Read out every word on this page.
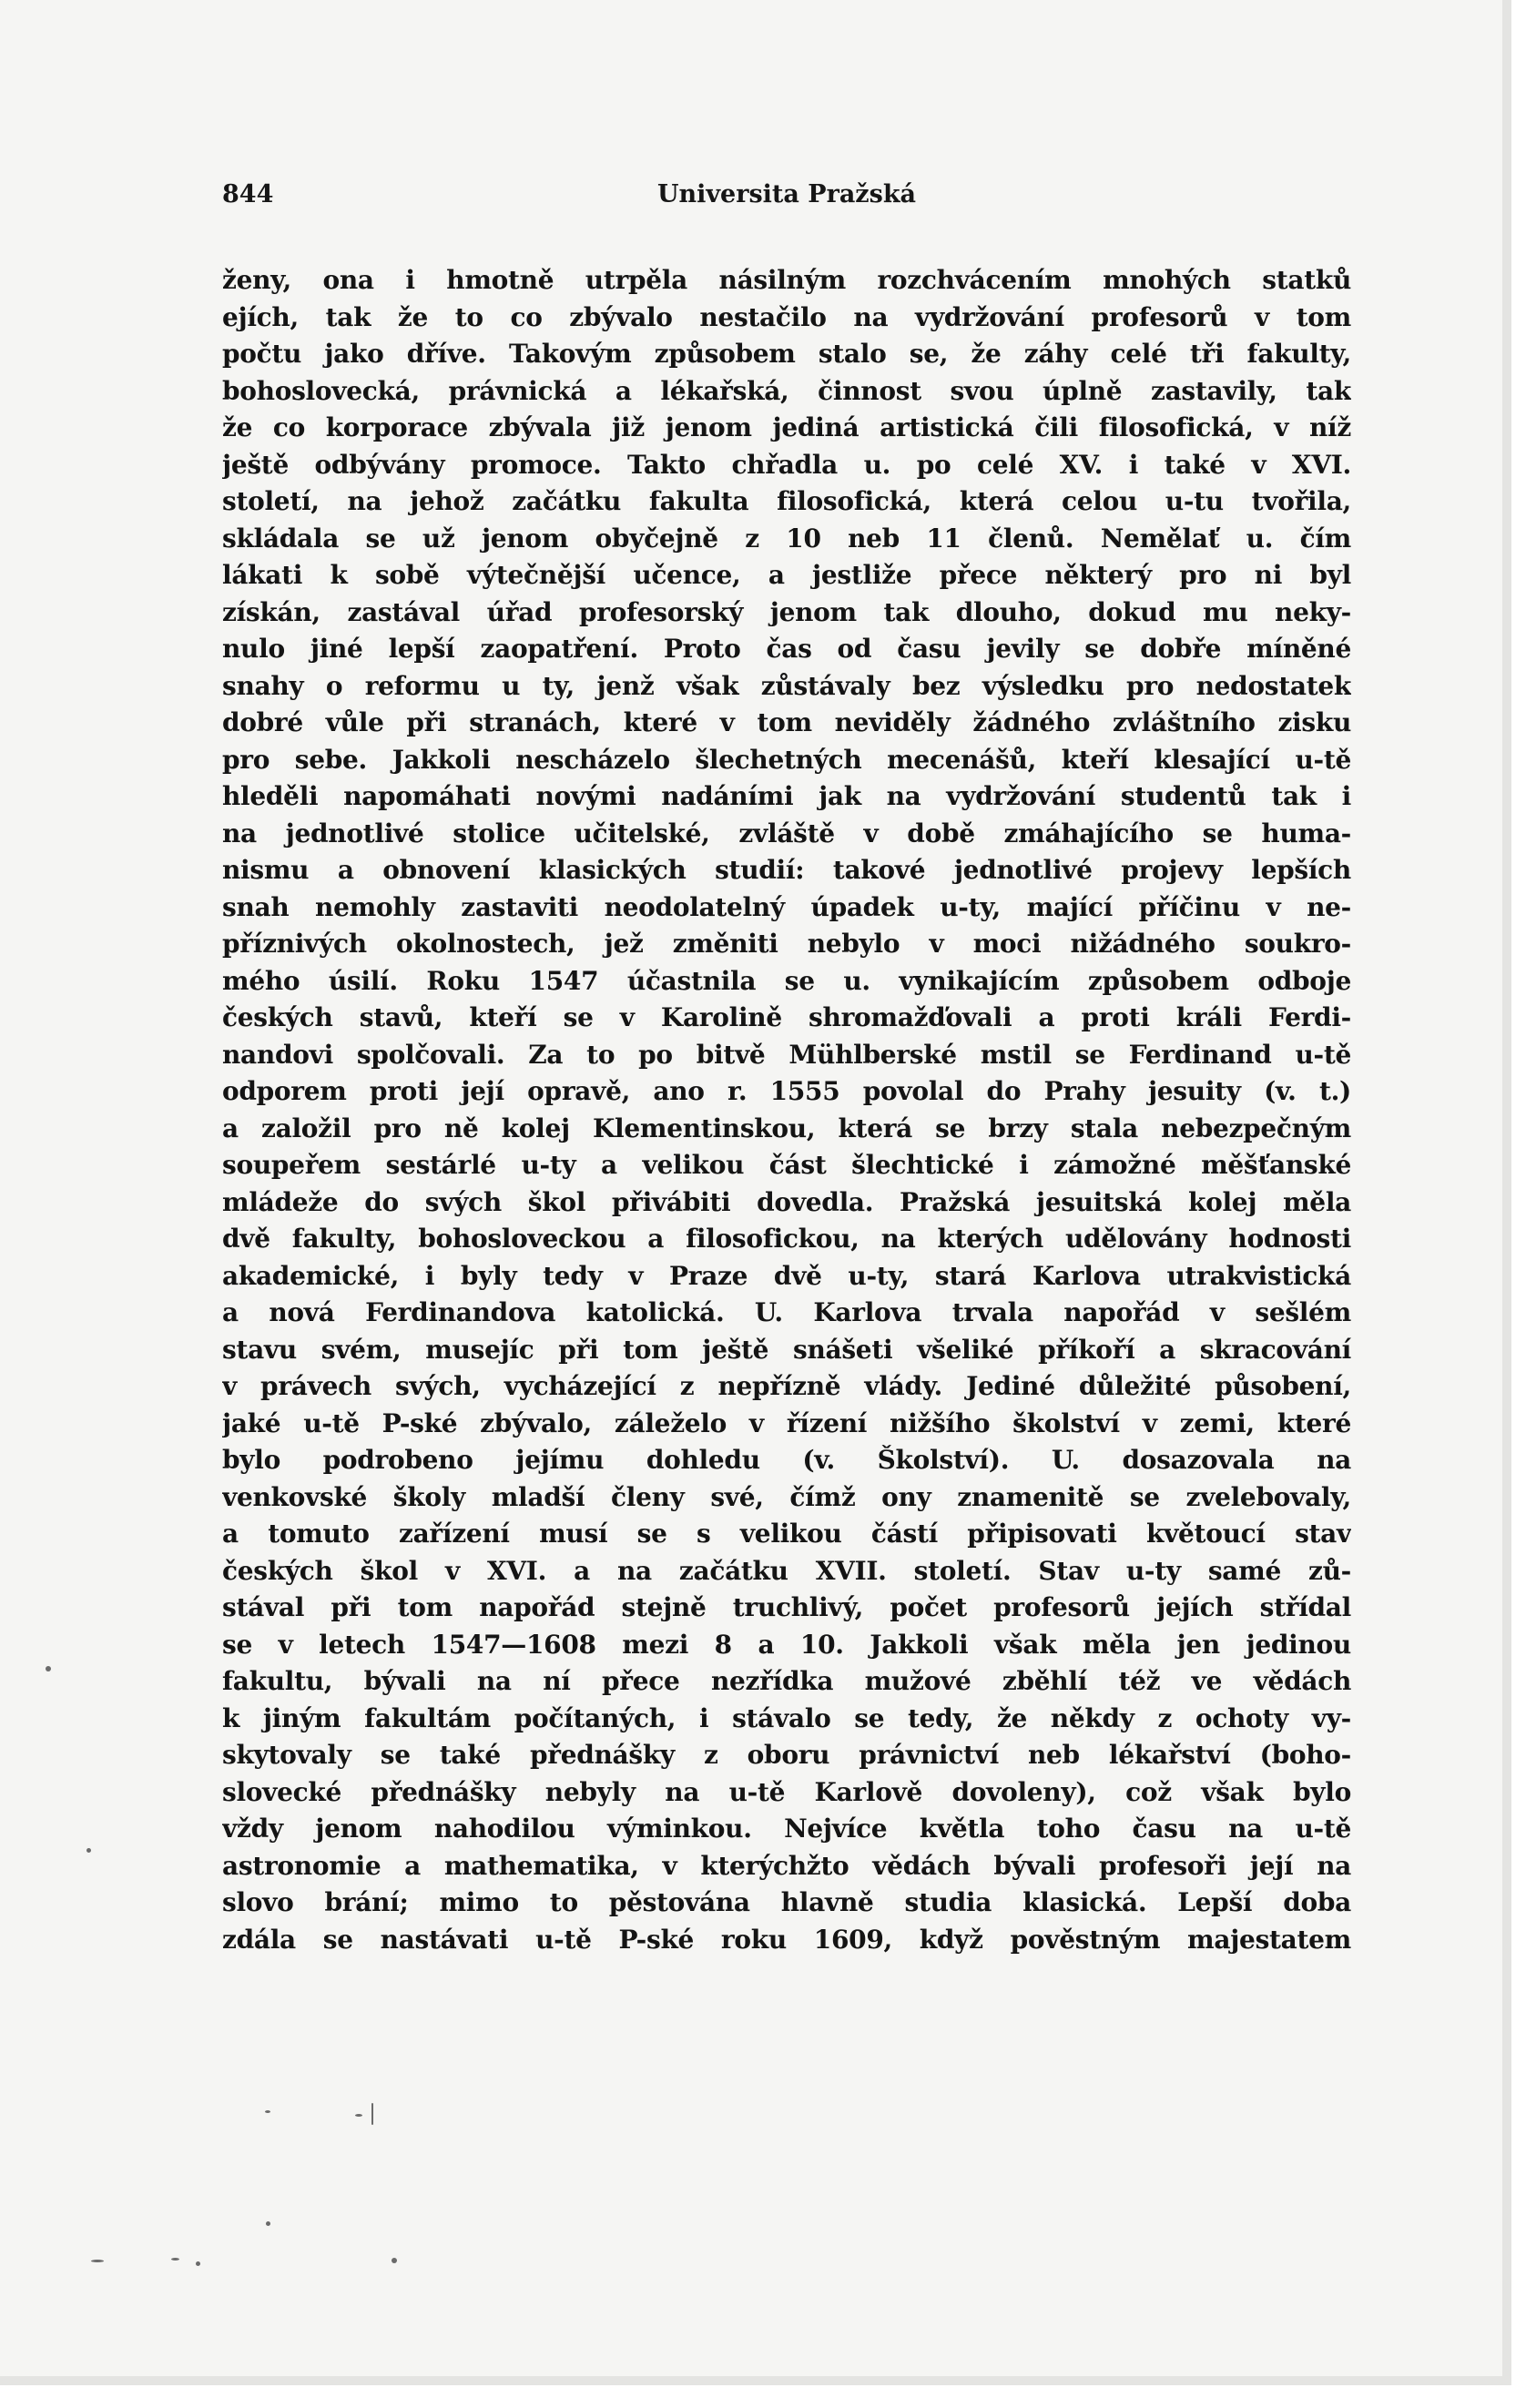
844	Universita Pražská
ženy, ona i hmotně utrpěla násilným rozchvácením mnohých statků
ejích, tak že to co zbývalo nestačilo na vydržování profesorů v tom
počtu jako dříve. Takovým způsobem stalo se, že záhy celé tři fakulty,
bohoslovecká, právnická a lékařská, činnost svou úplně zastavily, tak
že co korporace zbývala již jenom jediná artistická čili filosofická, v níž
ještě odbývány promoce. Takto chřadla u. po celé XV. i také v XVI.
století, na jehož začátku fakulta filosofická, která celou u-tu tvořila,
skládala se už jenom obyčejně z 10 neb 11 členů. Nemělať u. čím
lákati k sobě výtečnější učence, a jestliže přece některý pro ni byl
získán, zastával úřad profesorský jenom tak dlouho, dokud mu neky-
nulo jiné lepší zaopatření. Proto čas od času jevily se dobře míněné
snahy o reformu u ty, jenž však zůstávaly bez výsledku pro nedostatek
dobré vůle při stranách, které v tom neviděly žádného zvláštního zisku
pro sebe. Jakkoli nescházelo šlechetných mecenášů, kteří klesající u-tě
hleděli napomáhati novými nadáními jak na vydržování studentů tak i
na jednotlivé stolice učitelské, zvláště v době zmáhajícího se huma-
nismu a obnovení klasických studií: takové jednotlivé projevy lepších
snah nemohly zastaviti neodolatelný úpadek u-ty, mající příčinu v ne-
příznivých okolnostech, jež změniti nebylo v moci nižádného soukro-
mého úsilí. Roku 1547 účastnila se u. vynikajícím způsobem odboje
českých stavů, kteří se v Karolině shromažďovali a proti králi Ferdi-
nandovi spolčovali. Za to po bitvě Mühlberské mstil se Ferdinand u-tě
odporem proti její opravě, ano r. 1555 povolal do Prahy jesuity (v. t.)
a založil pro ně kolej Klementinskou, která se brzy stala nebezpečným
soupeřem sestárlé u-ty a velikou část šlechtické i zámožné měšťanské
mládeže do svých škol přivábiti dovedla. Pražská jesuitská kolej měla
dvě fakulty, bohosloveckou a filosofickou, na kterých udělovány hodnosti
akademické, i byly tedy v Praze dvě u-ty, stará Karlova utrakvistická
a nová Ferdinandova katolická. U. Karlova trvala napořád v sešlém
stavu svém, musejíc při tom ještě snášeti všeliké příkoří a skracování
v právech svých, vycházející z nepřízně vlády. Jediné důležité působení,
jaké u-tě P-ské zbývalo, záleželo v řízení nižšího školství v zemi, které
bylo podrobeno jejímu dohledu (v. Školství). U. dosazovala na
venkovské školy mladší členy své, čímž ony znamenitě se zvelebovaly,
a tomuto zařízení musí se s velikou částí připisovati květoucí stav
českých škol v XVI. a na začátku XVII. století. Stav u-ty samé zů-
stával při tom napořád stejně truchlivý, počet profesorů jejích střídal
se v letech 1547—1608 mezi 8 a 10. Jakkoli však měla jen jedinou
fakultu, bývali na ní přece nezřídka mužové zběhlí též ve vědách
k jiným fakultám počítaných, i stávalo se tedy, že někdy z ochoty vy-
skytovaly se také přednášky z oboru právnictví neb lékařství (boho-
slovecké přednášky nebyly na u-tě Karlově dovoleny), což však bylo
vždy jenom nahodilou výminkou. Nejvíce květla toho času na u-tě
astronomie a mathematika, v kterýchžto vědách bývali profesoři její na
slovo brání; mimo to pěstována hlavně studia klasická. Lepší doba
zdála se nastávati u-tě P-ské roku 1609, když pověstným majestatem
